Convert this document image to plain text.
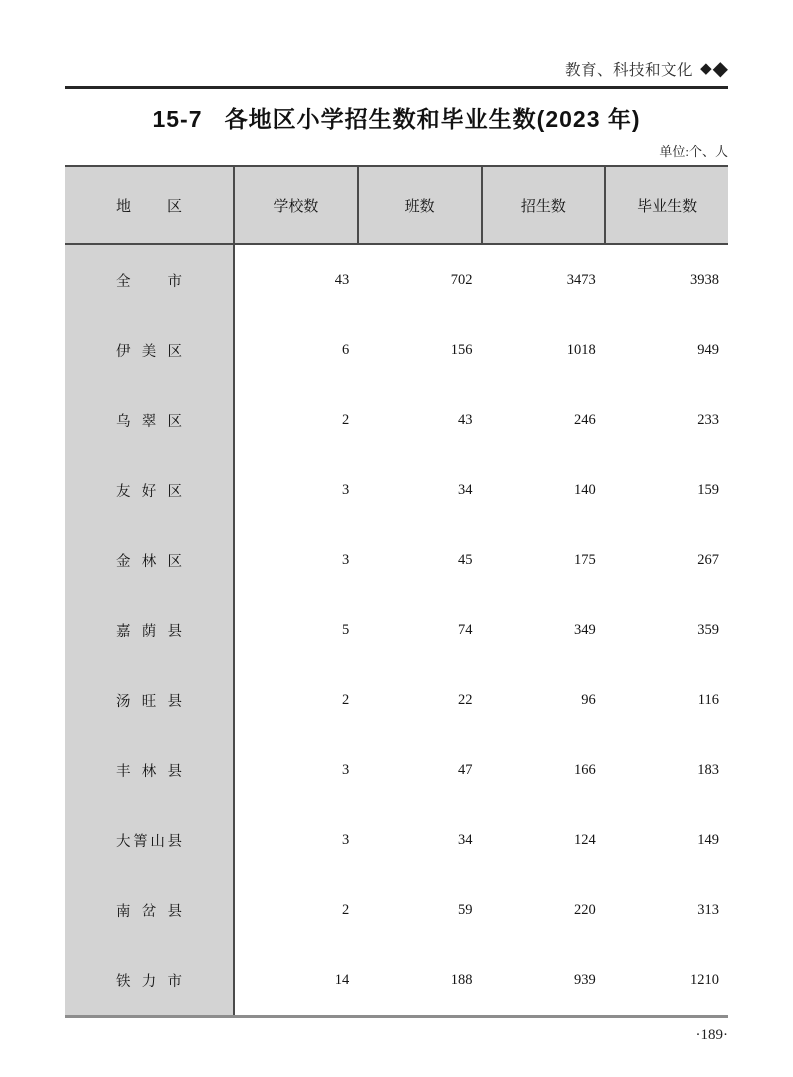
教育、科技和文化 ◆ ◆
15-7   各地区小学招生数和毕业生数(2023 年)
单位:个、人
地 区	学校数	班数	招生数	毕业生数
全 市	43	702	3473	3938
伊 美 区	6	156	1018	949
乌 翠 区	2	43	246	233
友 好 区	3	34	140	159
金 林 区	3	45	175	267
嘉 荫 县	5	74	349	359
汤 旺 县	2	22	96	116
丰 林 县	3	47	166	183
大箐山县	3	34	124	149
南 岔 县	2	59	220	313
铁 力 市	14	188	939	1210
·189·
